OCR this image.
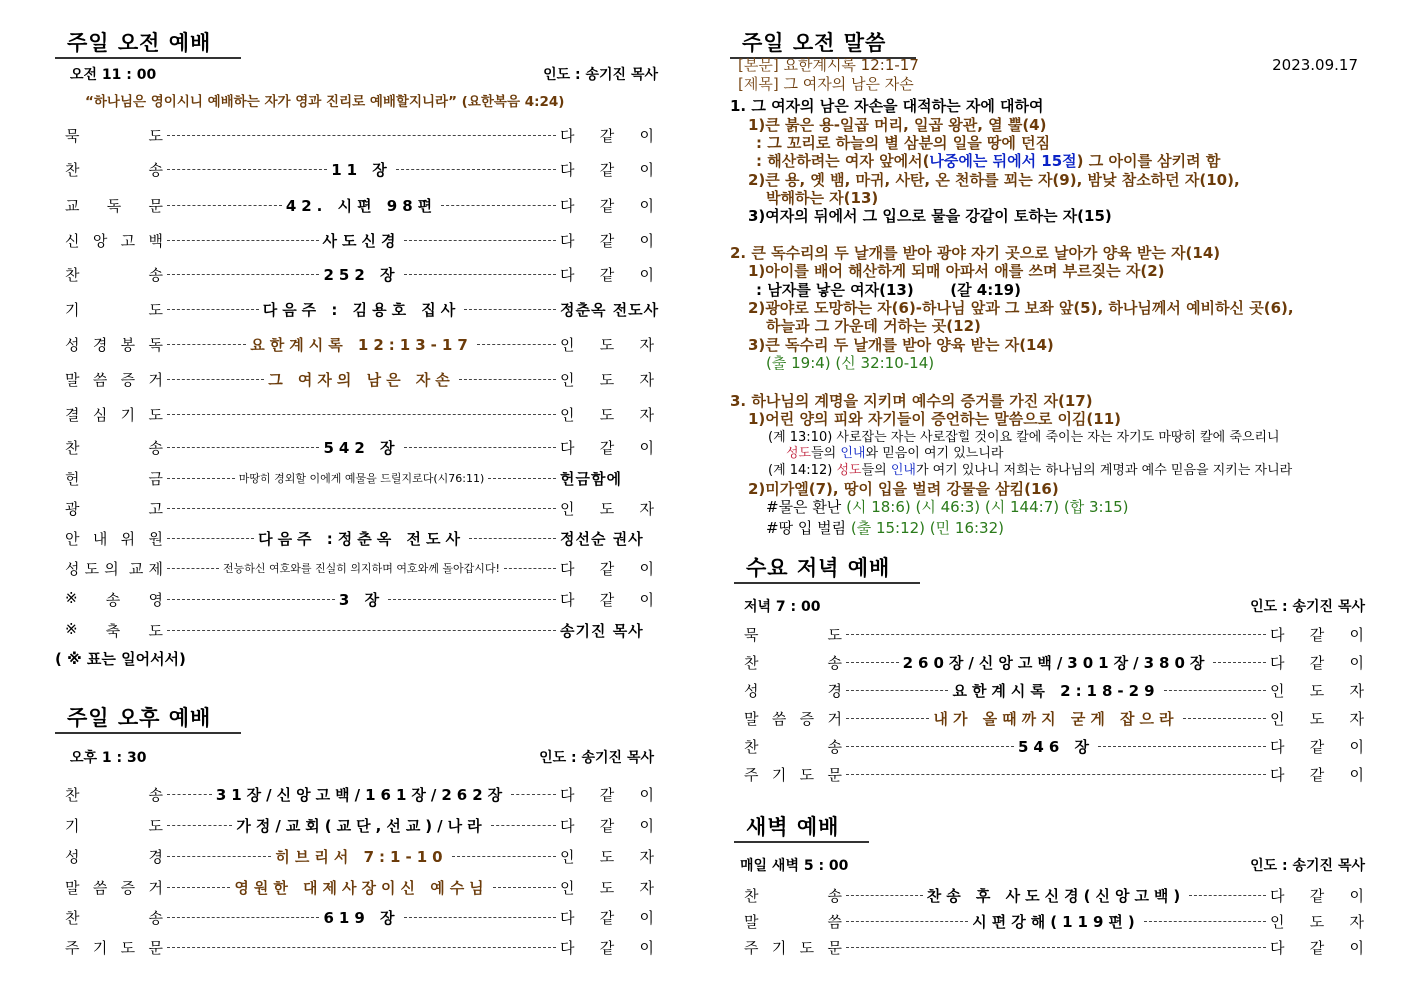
주일 오전 예배
오전 11 : 00	인도 : 송기진 목사
“하나님은 영이시니 예배하는 자가 영과 진리로 예배할지니라” (요한복음 4:24)
묵	도	다 같 이
찬	송	11 장	다 같 이
교 독 문	42. 시편 98편	다 같 이
신 앙 고 백	사도신경	다 같 이
찬	송	252 장	다 같 이
기	도	다음주 : 김용호 집사	정춘옥 전도사
성 경 봉 독	요한계시록 12:13-17	인 도 자
말 씀 증 거	그 여자의 남은 자손	인 도 자
결 심 기 도	인 도 자
찬	송	542 장	다 같 이
헌	금	마땅히 경외할 이에게 예물을 드릴지로다(시76:11)	헌금함에
광	고	인 도 자
안 내 위 원	다음주 :정춘옥 전도사	정선순 권사
성 도 의 교 제	전능하신 여호와를 진실히 의지하며 여호와께 돌아갑시다!	다 같 이
※ 송 영	3 장	다 같 이
※ 축 도	송기진 목사
( ※ 표는 일어서서)
주일 오후 예배
오후 1 : 30	인도 : 송기진 목사
찬	송	31장/신앙고백/161장/262장	다 같 이
기	도	가정/교회(교단,선교)/나라	다 같 이
성	경	히브리서 7:1-10	인 도 자
말 씀 증 거	영원한 대제사장이신 예수님	인 도 자
찬	송	619 장	다 같 이
주 기 도 문	다 같 이
주일 오전 말씀
[본문] 요한계시록 12:1-17
[제목] 그 여자의 남은 자손
2023.09.17
1. 그 여자의 남은 자손을 대적하는 자에 대하여
1)큰 붉은 용-일곱 머리, 일곱 왕관, 열 뿔(4)
: 그 꼬리로 하늘의 별 삼분의 일을 땅에 던짐
: 해산하려는 여자 앞에서(나중에는 뒤에서 15절) 그 아이를 삼키려 함
2)큰 용, 옛 뱀, 마귀, 사탄, 온 천하를 꾀는 자(9), 밤낮 참소하던 자(10),
박해하는 자(13)
3)여자의 뒤에서 그 입으로 물을 강같이 토하는 자(15)
2. 큰 독수리의 두 날개를 받아 광야 자기 곳으로 날아가 양육 받는 자(14)
1)아이를 배어 해산하게 되매 아파서 애를 쓰며 부르짖는 자(2)
: 남자를 낳은 여자(13)       (갈 4:19)
2)광야로 도망하는 자(6)-하나님 앞과 그 보좌 앞(5), 하나님께서 예비하신 곳(6),
하늘과 그 가운데 거하는 곳(12)
3)큰 독수리 두 날개를 받아 양육 받는 자(14)
(출 19:4) (신 32:10-14)
3. 하나님의 계명을 지키며 예수의 증거를 가진 자(17)
1)어린 양의 피와 자기들이 증언하는 말씀으로 이김(11)
(계 13:10) 사로잡는 자는 사로잡힐 것이요 칼에 죽이는 자는 자기도 마땅히 칼에 죽으리니
성도들의 인내와 믿음이 여기 있느니라
(계 14:12) 성도들의 인내가 여기 있나니 저희는 하나님의 계명과 예수 믿음을 지키는 자니라
2)미가엘(7), 땅이 입을 벌려 강물을 삼킴(16)
#물은 환난 (시 18:6) (시 46:3) (시 144:7) (합 3:15)
#땅 입 벌림 (출 15:12) (민 16:32)
수요 저녁 예배
저녁 7 : 00	인도 : 송기진 목사
묵	도	다 같 이
찬	송	260장/신앙고백/301장/380장	다 같 이
성	경	요한계시록 2:18-29	인 도 자
말 씀 증 거	내가 올때까지 굳게 잡으라	인 도 자
찬	송	546 장	다 같 이
주 기 도 문	다 같 이
새벽 예배
매일 새벽 5 : 00	인도 : 송기진 목사
찬	송	찬송 후 사도신경(신앙고백)	다 같 이
말	씀	시편강해(119편)	인 도 자
주 기 도 문	다 같 이
